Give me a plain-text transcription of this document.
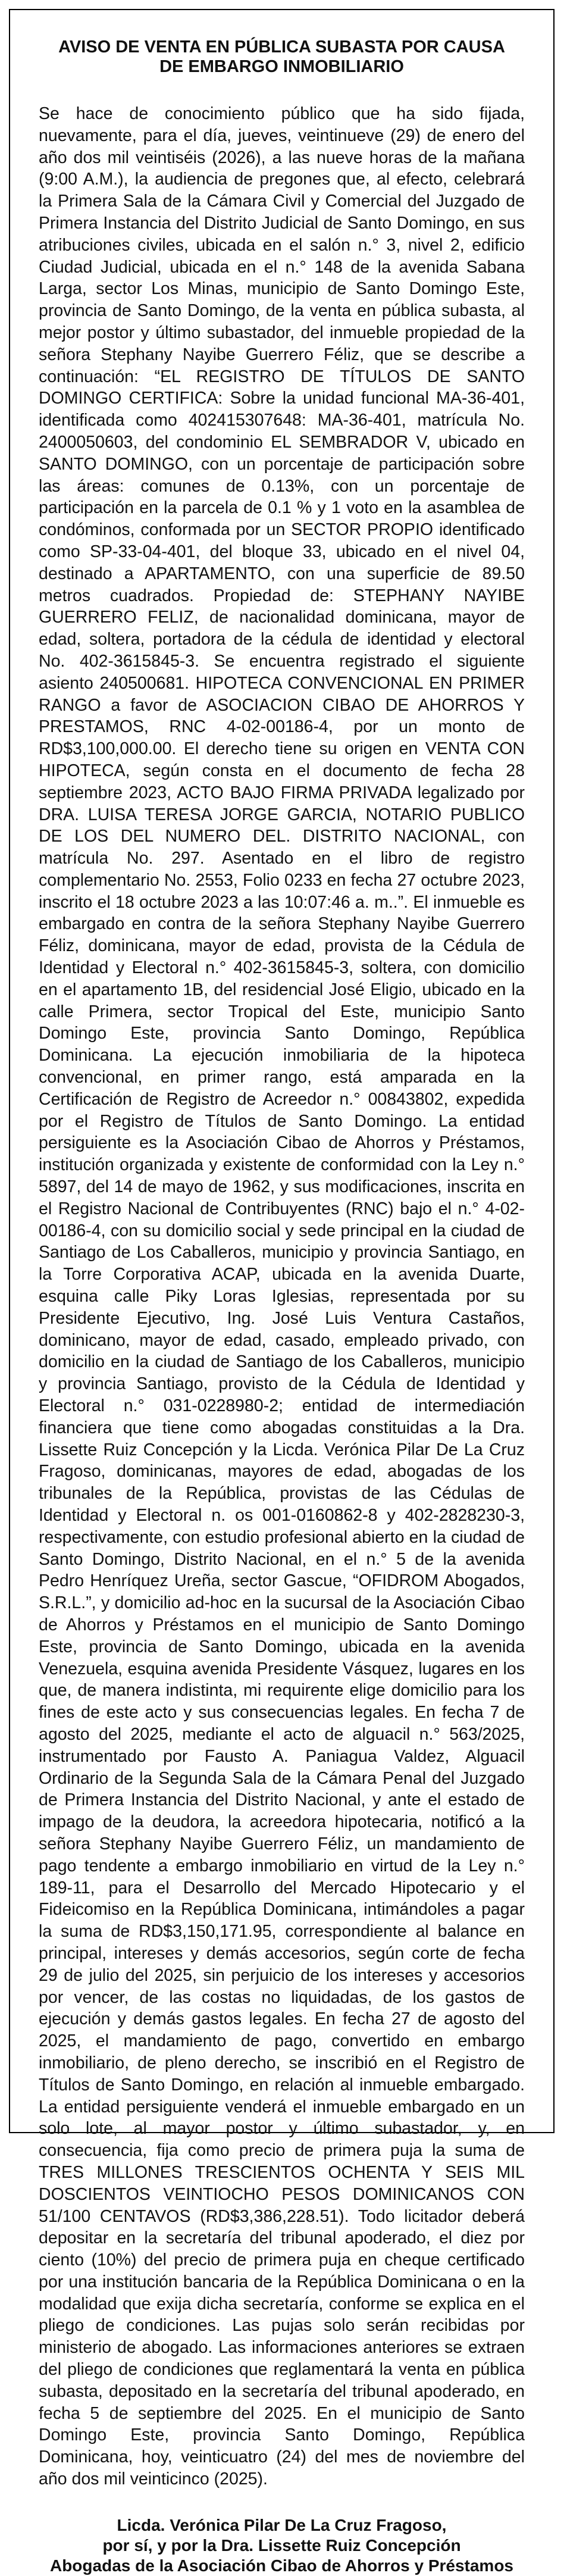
AVISO DE VENTA EN PÚBLICA SUBASTA POR CAUSA
DE EMBARGO INMOBILIARIO

Se hace de conocimiento público que ha sido fijada, nuevamente, para el día, jueves, veintinueve (29) de enero del año dos mil veintiséis (2026), a las nueve horas de la mañana (9:00 A.M.), la audiencia de pregones que, al efecto, celebrará la Primera Sala de la Cámara Civil y Comercial del Juzgado de Primera Instancia del Distrito Judicial de Santo Domingo, en sus atribuciones civiles, ubicada en el salón n.° 3, nivel 2, edificio Ciudad Judicial, ubicada en el n.° 148 de la avenida Sabana Larga, sector Los Minas, municipio de Santo Domingo Este, provincia de Santo Domingo, de la venta en pública subasta, al mejor postor y último subastador, del inmueble propiedad de la señora Stephany Nayibe Guerrero Féliz, que se describe a continuación: “EL REGISTRO DE TÍTULOS DE SANTO DOMINGO CERTIFICA: Sobre la unidad funcional MA-36-401, identificada como 402415307648: MA-36-401, matrícula No. 2400050603, del condominio EL SEMBRADOR V, ubicado en SANTO DOMINGO, con un porcentaje de participación sobre las áreas: comunes de 0.13%, con un porcentaje de participación en la parcela de 0.1 % y 1 voto en la asamblea de condóminos, conformada por un SECTOR PROPIO identificado como SP-33-04-401, del bloque 33, ubicado en el nivel 04, destinado a APARTAMENTO, con una superficie de 89.50 metros cuadrados. Propiedad de: STEPHANY NAYIBE GUERRERO FELIZ, de nacionalidad dominicana, mayor de edad, soltera, portadora de la cédula de identidad y electoral No. 402-3615845-3. Se encuentra registrado el siguiente asiento 240500681. HIPOTECA CONVENCIONAL EN PRIMER RANGO a favor de ASOCIACION CIBAO DE AHORROS Y PRESTAMOS, RNC 4-02-00186-4, por un monto de RD$3,100,000.00. El derecho tiene su origen en VENTA CON HIPOTECA, según consta en el documento de fecha 28 septiembre 2023, ACTO BAJO FIRMA PRIVADA legalizado por DRA. LUISA TERESA JORGE GARCIA, NOTARIO PUBLICO DE LOS DEL NUMERO DEL. DISTRITO NACIONAL, con matrícula No. 297. Asentado en el libro de registro complementario No. 2553, Folio 0233 en fecha 27 octubre 2023, inscrito el 18 octubre 2023 a las 10:07:46 a. m..”. El inmueble es embargado en contra de la señora Stephany Nayibe Guerrero Féliz, dominicana, mayor de edad, provista de la Cédula de Identidad y Electoral n.° 402-3615845-3, soltera, con domicilio en el apartamento 1B, del residencial José Eligio, ubicado en la calle Primera, sector Tropical del Este, municipio Santo Domingo Este, provincia Santo Domingo, República Dominicana. La ejecución inmobiliaria de la hipoteca convencional, en primer rango, está amparada en la Certificación de Registro de Acreedor n.° 00843802, expedida por el Registro de Títulos de Santo Domingo. La entidad persiguiente es la Asociación Cibao de Ahorros y Préstamos, institución organizada y existente de conformidad con la Ley n.° 5897, del 14 de mayo de 1962, y sus modificaciones, inscrita en el Registro Nacional de Contribuyentes (RNC) bajo el n.° 4-02-00186-4, con su domicilio social y sede principal en la ciudad de Santiago de Los Caballeros, municipio y provincia Santiago, en la Torre Corporativa ACAP, ubicada en la avenida Duarte, esquina calle Piky Loras Iglesias, representada por su Presidente Ejecutivo, Ing. José Luis Ventura Castaños, dominicano, mayor de edad, casado, empleado privado, con domicilio en la ciudad de Santiago de los Caballeros, municipio y provincia Santiago, provisto de la Cédula de Identidad y Electoral n.° 031-0228980-2; entidad de intermediación financiera que tiene como abogadas constituidas a la Dra. Lissette Ruiz Concepción y la Licda. Verónica Pilar De La Cruz Fragoso, dominicanas, mayores de edad, abogadas de los tribunales de la República, provistas de las Cédulas de Identidad y Electoral n. os 001-0160862-8 y 402-2828230-3, respectivamente, con estudio profesional abierto en la ciudad de Santo Domingo, Distrito Nacional, en el n.° 5 de la avenida Pedro Henríquez Ureña, sector Gascue, “OFIDROM Abogados, S.R.L.”, y domicilio ad-hoc en la sucursal de la Asociación Cibao de Ahorros y Préstamos en el municipio de Santo Domingo Este, provincia de Santo Domingo, ubicada en la avenida Venezuela, esquina avenida Presidente Vásquez, lugares en los que, de manera indistinta, mi requirente elige domicilio para los fines de este acto y sus consecuencias legales. En fecha 7 de agosto del 2025, mediante el acto de alguacil n.° 563/2025, instrumentado por Fausto A. Paniagua Valdez, Alguacil Ordinario de la Segunda Sala de la Cámara Penal del Juzgado de Primera Instancia del Distrito Nacional, y ante el estado de impago de la deudora, la acreedora hipotecaria, notificó a la señora Stephany Nayibe Guerrero Féliz, un mandamiento de pago tendente a embargo inmobiliario en virtud de la Ley n.° 189-11, para el Desarrollo del Mercado Hipotecario y el Fideicomiso en la República Dominicana, intimándoles a pagar la suma de RD$3,150,171.95, correspondiente al balance en principal, intereses y demás accesorios, según corte de fecha 29 de julio del 2025, sin perjuicio de los intereses y accesorios por vencer, de las costas no liquidadas, de los gastos de ejecución y demás gastos legales. En fecha 27 de agosto del 2025, el mandamiento de pago, convertido en embargo inmobiliario, de pleno derecho, se inscribió en el Registro de Títulos de Santo Domingo, en relación al inmueble embargado. La entidad persiguiente venderá el inmueble embargado en un solo lote, al mayor postor y último subastador, y, en consecuencia, fija como precio de primera puja la suma de TRES MILLONES TRESCIENTOS OCHENTA Y SEIS MIL DOSCIENTOS VEINTIOCHO PESOS DOMINICANOS CON 51/100 CENTAVOS (RD$3,386,228.51). Todo licitador deberá depositar en la secretaría del tribunal apoderado, el diez por ciento (10%) del precio de primera puja en cheque certificado por una institución bancaria de la República Dominicana o en la modalidad que exija dicha secretaría, conforme se explica en el pliego de condiciones. Las pujas solo serán recibidas por ministerio de abogado. Las informaciones anteriores se extraen del pliego de condiciones que reglamentará la venta en pública subasta, depositado en la secretaría del tribunal apoderado, en fecha 5 de septiembre del 2025. En el municipio de Santo Domingo Este, provincia Santo Domingo, República Dominicana, hoy, veinticuatro (24) del mes de noviembre del año dos mil veinticinco (2025).

Licda. Verónica Pilar De La Cruz Fragoso,
por sí, y por la Dra. Lissette Ruiz Concepción
Abogadas de la Asociación Cibao de Ahorros y Préstamos
